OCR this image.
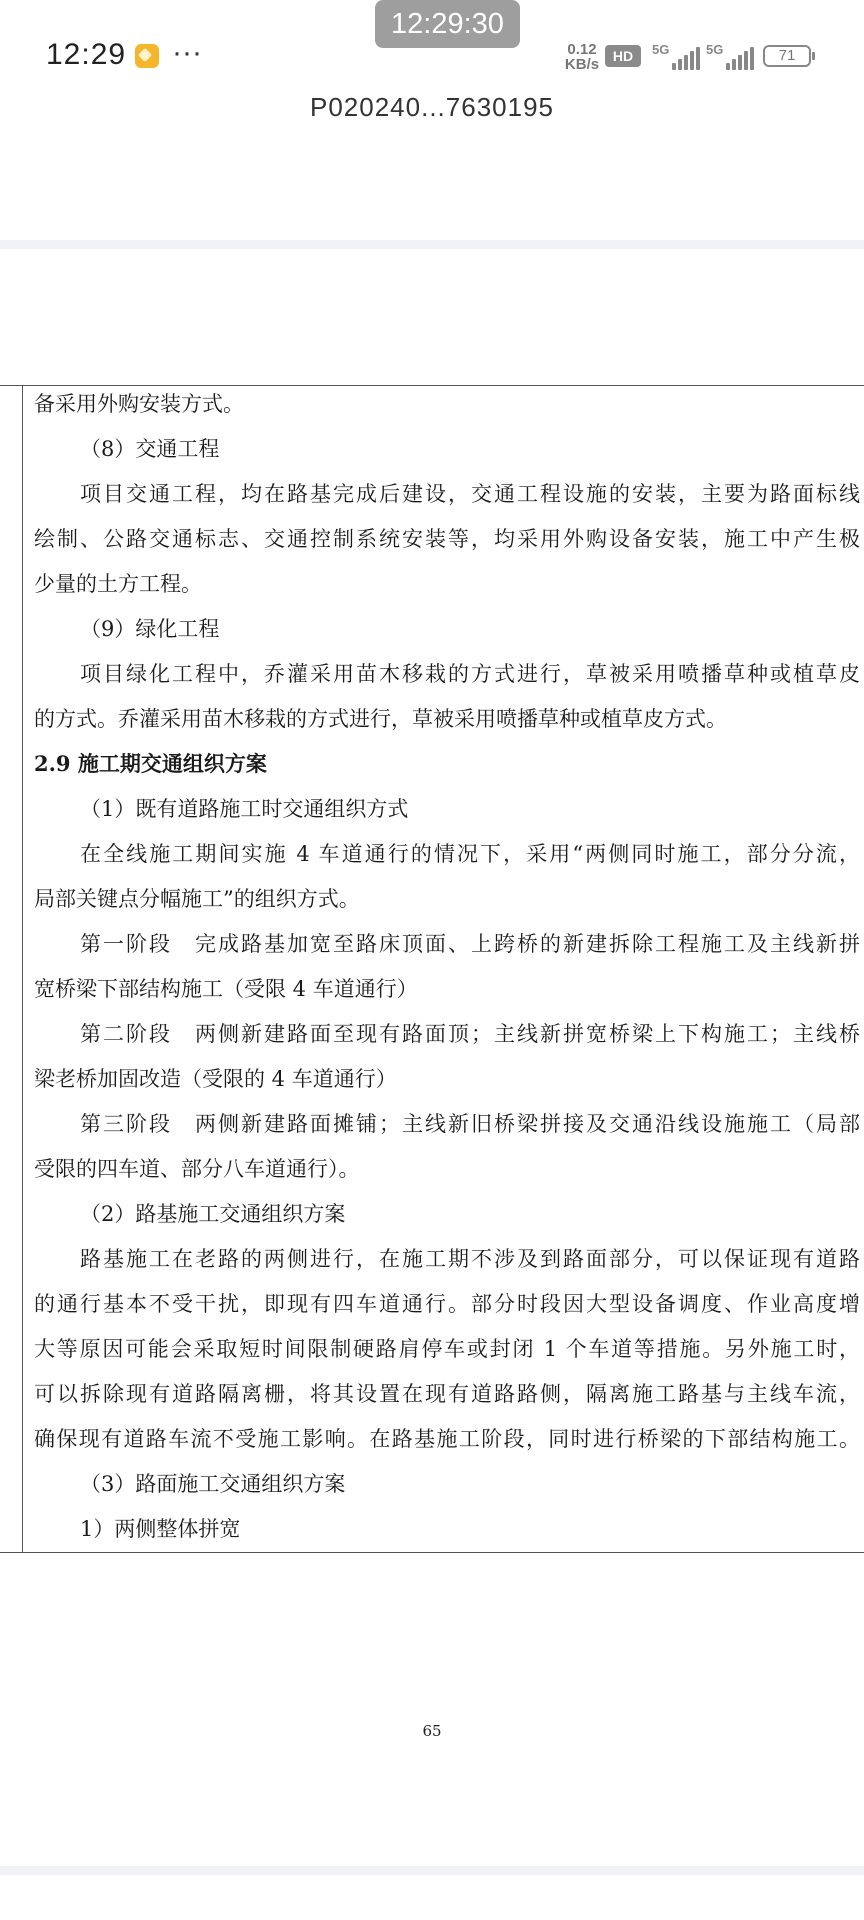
12:29 ···
12:29:30
0.12
KB/s HD	5G	5G	71
P020240...7630195
备采用外购安装方式。
（8）交通工程
项目交通工程，均在路基完成后建设，交通工程设施的安装，主要为路面标线
绘制、公路交通标志、交通控制系统安装等，均采用外购设备安装，施工中产生极
少量的土方工程。
（9）绿化工程
项目绿化工程中，乔灌采用苗木移栽的方式进行，草被采用喷播草种或植草皮
的方式。乔灌采用苗木移栽的方式进行，草被采用喷播草种或植草皮方式。
2.9 施工期交通组织方案
（1）既有道路施工时交通组织方式
在全线施工期间实施 4 车道通行的情况下，采用“两侧同时施工，部分分流，
局部关键点分幅施工”的组织方式。
第一阶段　完成路基加宽至路床顶面、上跨桥的新建拆除工程施工及主线新拼
宽桥梁下部结构施工（受限 4 车道通行）
第二阶段　两侧新建路面至现有路面顶；主线新拼宽桥梁上下构施工；主线桥
梁老桥加固改造（受限的 4 车道通行）
第三阶段　两侧新建路面摊铺；主线新旧桥梁拼接及交通沿线设施施工（局部
受限的四车道、部分八车道通行）。
（2）路基施工交通组织方案
路基施工在老路的两侧进行，在施工期不涉及到路面部分，可以保证现有道路
的通行基本不受干扰，即现有四车道通行。部分时段因大型设备调度、作业高度增
大等原因可能会采取短时间限制硬路肩停车或封闭 1 个车道等措施。另外施工时，
可以拆除现有道路隔离栅，将其设置在现有道路路侧，隔离施工路基与主线车流，
确保现有道路车流不受施工影响。在路基施工阶段，同时进行桥梁的下部结构施工。
（3）路面施工交通组织方案
1）两侧整体拼宽
65
